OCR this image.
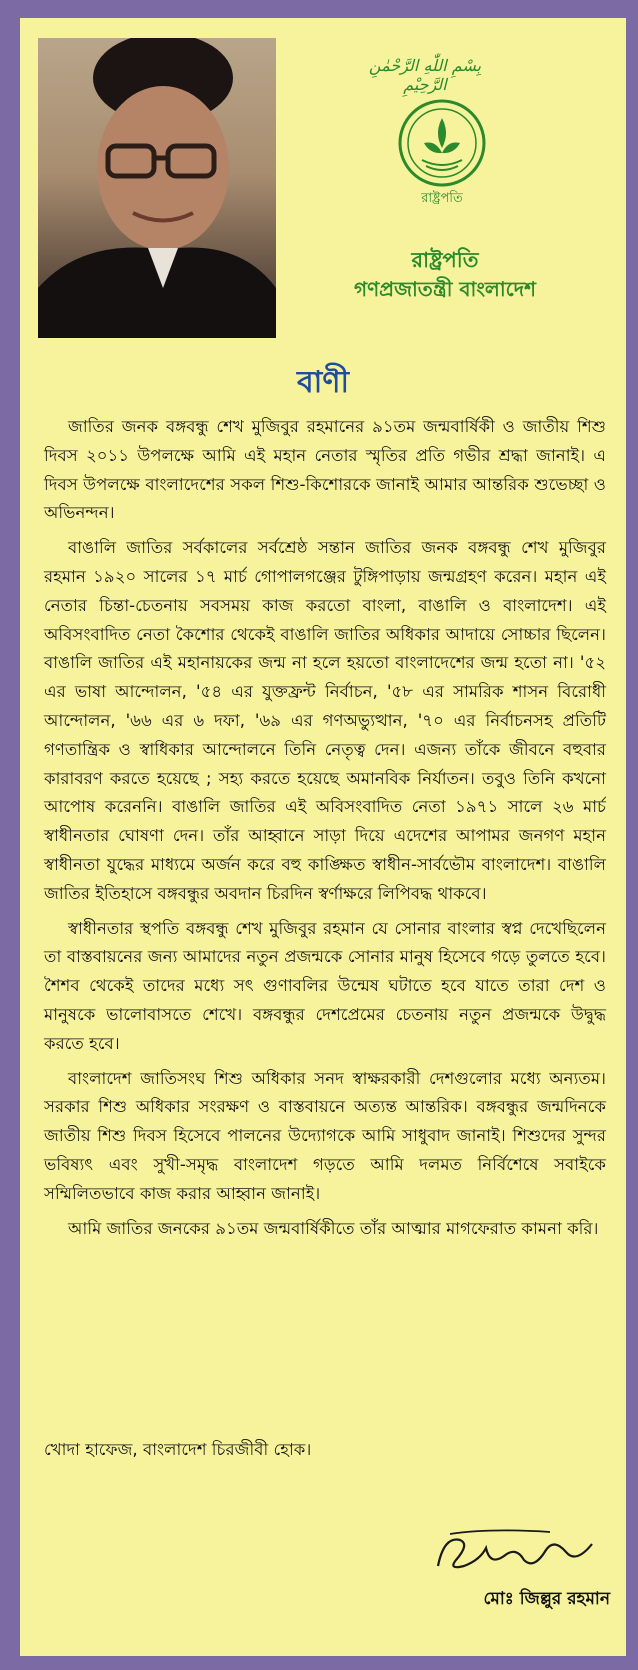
بِسْمِ اللّٰهِ الرَّحْمٰنِ الرَّحِيْمِ
রাষ্ট্রপতি
রাষ্ট্রপতি
গণপ্রজাতন্ত্রী বাংলাদেশ
বাণী

জাতির জনক বঙ্গবন্ধু শেখ মুজিবুর রহমানের ৯১তম জন্মবার্ষিকী ও জাতীয় শিশু দিবস ২০১১ উপলক্ষে আমি এই মহান নেতার স্মৃতির প্রতি গভীর শ্রদ্ধা জানাই। এ দিবস উপলক্ষে বাংলাদেশের সকল শিশু-কিশোরকে জানাই আমার আন্তরিক শুভেচ্ছা ও অভিনন্দন।

বাঙালি জাতির সর্বকালের সর্বশ্রেষ্ঠ সন্তান জাতির জনক বঙ্গবন্ধু শেখ মুজিবুর রহমান ১৯২০ সালের ১৭ মার্চ গোপালগঞ্জের টুঙ্গিপাড়ায় জন্মগ্রহণ করেন। মহান এই নেতার চিন্তা-চেতনায় সবসময় কাজ করতো বাংলা, বাঙালি ও বাংলাদেশ। এই অবিসংবাদিত নেতা কৈশোর থেকেই বাঙালি জাতির অধিকার আদায়ে সোচ্চার ছিলেন। বাঙালি জাতির এই মহানায়কের জন্ম না হলে হয়তো বাংলাদেশের জন্ম হতো না। '৫২ এর ভাষা আন্দোলন, '৫৪ এর যুক্তফ্রন্ট নির্বাচন, '৫৮ এর সামরিক শাসন বিরোধী আন্দোলন, '৬৬ এর ৬ দফা, '৬৯ এর গণঅভ্যুত্থান, '৭০ এর নির্বাচনসহ প্রতিটি গণতান্ত্রিক ও স্বাধিকার আন্দোলনে তিনি নেতৃত্ব দেন। এজন্য তাঁকে জীবনে বহুবার কারাবরণ করতে হয়েছে ; সহ্য করতে হয়েছে অমানবিক নির্যাতন। তবুও তিনি কখনো আপোষ করেননি। বাঙালি জাতির এই অবিসংবাদিত নেতা ১৯৭১ সালে ২৬ মার্চ স্বাধীনতার ঘোষণা দেন। তাঁর আহ্বানে সাড়া দিয়ে এদেশের আপামর জনগণ মহান স্বাধীনতা যুদ্ধের মাধ্যমে অর্জন করে বহু কাঙ্ক্ষিত স্বাধীন-সার্বভৌম বাংলাদেশ। বাঙালি জাতির ইতিহাসে বঙ্গবন্ধুর অবদান চিরদিন স্বর্ণাক্ষরে লিপিবদ্ধ থাকবে।

স্বাধীনতার স্থপতি বঙ্গবন্ধু শেখ মুজিবুর রহমান যে সোনার বাংলার স্বপ্ন দেখেছিলেন তা বাস্তবায়নের জন্য আমাদের নতুন প্রজন্মকে সোনার মানুষ হিসেবে গড়ে তুলতে হবে। শৈশব থেকেই তাদের মধ্যে সৎ গুণাবলির উন্মেষ ঘটাতে হবে যাতে তারা দেশ ও মানুষকে ভালোবাসতে শেখে। বঙ্গবন্ধুর দেশপ্রেমের চেতনায় নতুন প্রজন্মকে উদ্বুদ্ধ করতে হবে।

বাংলাদেশ জাতিসংঘ শিশু অধিকার সনদ স্বাক্ষরকারী দেশগুলোর মধ্যে অন্যতম। সরকার শিশু অধিকার সংরক্ষণ ও বাস্তবায়নে অত্যন্ত আন্তরিক। বঙ্গবন্ধুর জন্মদিনকে জাতীয় শিশু দিবস হিসেবে পালনের উদ্যোগকে আমি সাধুবাদ জানাই। শিশুদের সুন্দর ভবিষ্যৎ এবং সুখী-সমৃদ্ধ বাংলাদেশ গড়তে আমি দলমত নির্বিশেষে সবাইকে সম্মিলিতভাবে কাজ করার আহ্বান জানাই।

আমি জাতির জনকের ৯১তম জন্মবার্ষিকীতে তাঁর আত্মার মাগফেরাত কামনা করি।

খোদা হাফেজ, বাংলাদেশ চিরজীবী হোক।
মোঃ জিল্লুর রহমান
